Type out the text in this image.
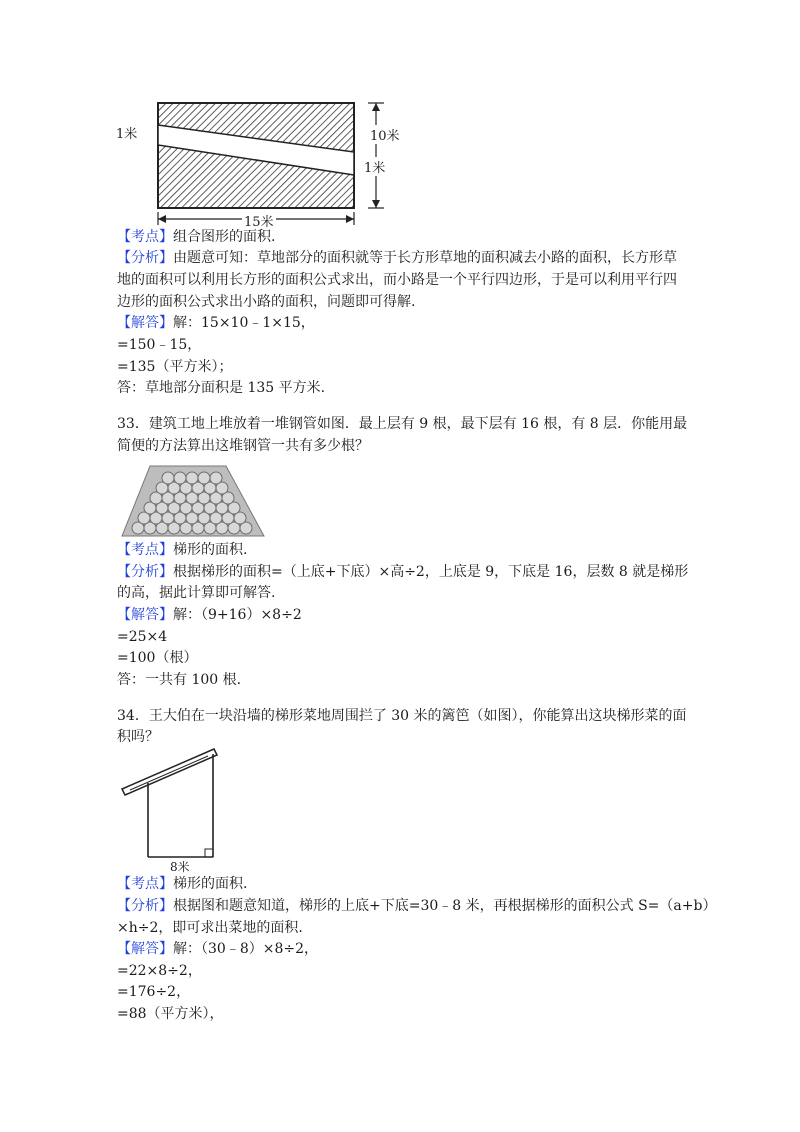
1米	10米
1米
15米
【考点】组合图形的面积.
【分析】由题意可知：草地部分的面积就等于长方形草地的面积减去小路的面积，长方形草
地的面积可以利用长方形的面积公式求出，而小路是一个平行四边形，于是可以利用平行四
边形的面积公式求出小路的面积，问题即可得解.
【解答】解：15×10﹣1×15，
=150﹣15，
=135（平方米）；
答：草地部分面积是 135 平方米.
33．建筑工地上堆放着一堆钢管如图．最上层有 9 根，最下层有 16 根，有 8 层．你能用最
简便的方法算出这堆钢管一共有多少根？
【考点】梯形的面积.
【分析】根据梯形的面积=（上底+下底）×高÷2，上底是 9，下底是 16，层数 8 就是梯形
的高，据此计算即可解答.
【解答】解：（9+16）×8÷2
=25×4
=100（根）
答：一共有 100 根.
34．王大伯在一块沿墙的梯形菜地周围拦了 30 米的篱笆（如图），你能算出这块梯形菜的面
积吗？
8米
【考点】梯形的面积.
【分析】根据图和题意知道，梯形的上底+下底=30﹣8 米，再根据梯形的面积公式 S=（a+b）
×h÷2，即可求出菜地的面积.
【解答】解：（30﹣8）×8÷2，
=22×8÷2，
=176÷2，
=88（平方米），
